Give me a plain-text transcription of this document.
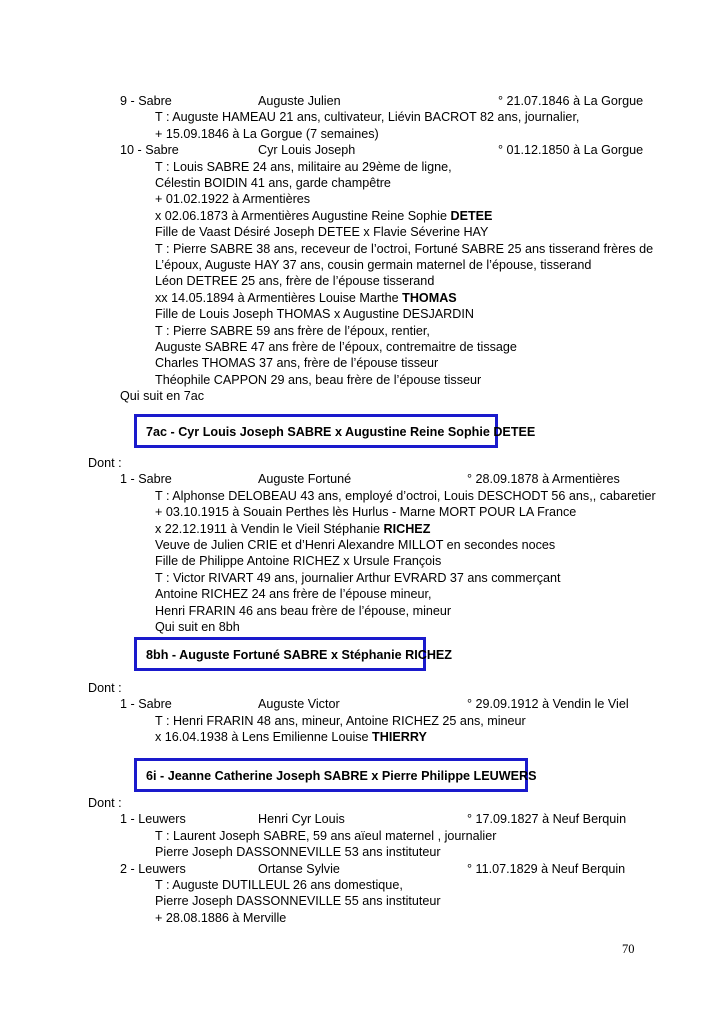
9 - Sabre	Auguste Julien	° 21.07.1846 à La Gorgue
T : Auguste HAMEAU 21 ans, cultivateur, Liévin BACROT 82 ans, journalier,
+ 15.09.1846 à La Gorgue (7 semaines)
10 - Sabre	Cyr Louis Joseph	° 01.12.1850 à La Gorgue
T : Louis SABRE 24 ans, militaire au 29ème de ligne,
Célestin BOIDIN 41 ans, garde champêtre
+ 01.02.1922 à Armentières
x 02.06.1873 à Armentières Augustine Reine Sophie DETEE
Fille de Vaast Désiré Joseph DETEE x Flavie Séverine HAY
T : Pierre SABRE 38 ans, receveur de l’octroi, Fortuné SABRE 25 ans tisserand frères de
L’époux, Auguste HAY 37 ans, cousin germain maternel de l’épouse, tisserand
Léon DETREE 25 ans, frère de l’épouse tisserand
xx 14.05.1894 à Armentières Louise Marthe THOMAS
Fille de Louis Joseph THOMAS x Augustine DESJARDIN
T : Pierre SABRE 59 ans frère de l’époux, rentier,
Auguste SABRE 47 ans frère de l’époux, contremaitre de tissage
Charles THOMAS 37 ans, frère de l’épouse tisseur
Théophile CAPPON 29 ans, beau frère de l’épouse tisseur
Qui suit en 7ac
7ac - Cyr Louis Joseph SABRE x Augustine Reine Sophie DETEE
Dont :
1 - Sabre	Auguste Fortuné	° 28.09.1878 à Armentières
T : Alphonse DELOBEAU 43 ans, employé d’octroi, Louis DESCHODT 56 ans,, cabaretier
+ 03.10.1915 à Souain Perthes lès Hurlus - Marne MORT POUR LA France
x 22.12.1911 à Vendin le Vieil Stéphanie RICHEZ
Veuve de Julien CRIE et d’Henri Alexandre MILLOT en secondes noces
Fille de Philippe Antoine RICHEZ x Ursule François
T : Victor RIVART 49 ans, journalier Arthur EVRARD 37 ans commerçant
Antoine RICHEZ 24 ans frère de l’épouse mineur,
Henri FRARIN 46 ans beau frère de l’épouse, mineur
Qui suit en 8bh
8bh - Auguste Fortuné SABRE x Stéphanie RICHEZ
Dont :
1 - Sabre	Auguste Victor	° 29.09.1912 à Vendin le Viel
T : Henri FRARIN 48 ans, mineur, Antoine RICHEZ 25 ans, mineur
x 16.04.1938 à Lens Emilienne Louise THIERRY
6i - Jeanne Catherine Joseph SABRE x Pierre Philippe LEUWERS
Dont :
1 - Leuwers	Henri Cyr Louis	° 17.09.1827 à Neuf Berquin
T : Laurent Joseph SABRE, 59 ans aïeul maternel , journalier
Pierre Joseph DASSONNEVILLE 53 ans instituteur
2 - Leuwers	Ortanse Sylvie	° 11.07.1829 à Neuf Berquin
T : Auguste DUTILLEUL 26 ans domestique,
Pierre Joseph DASSONNEVILLE 55 ans instituteur
+ 28.08.1886 à Merville
70
